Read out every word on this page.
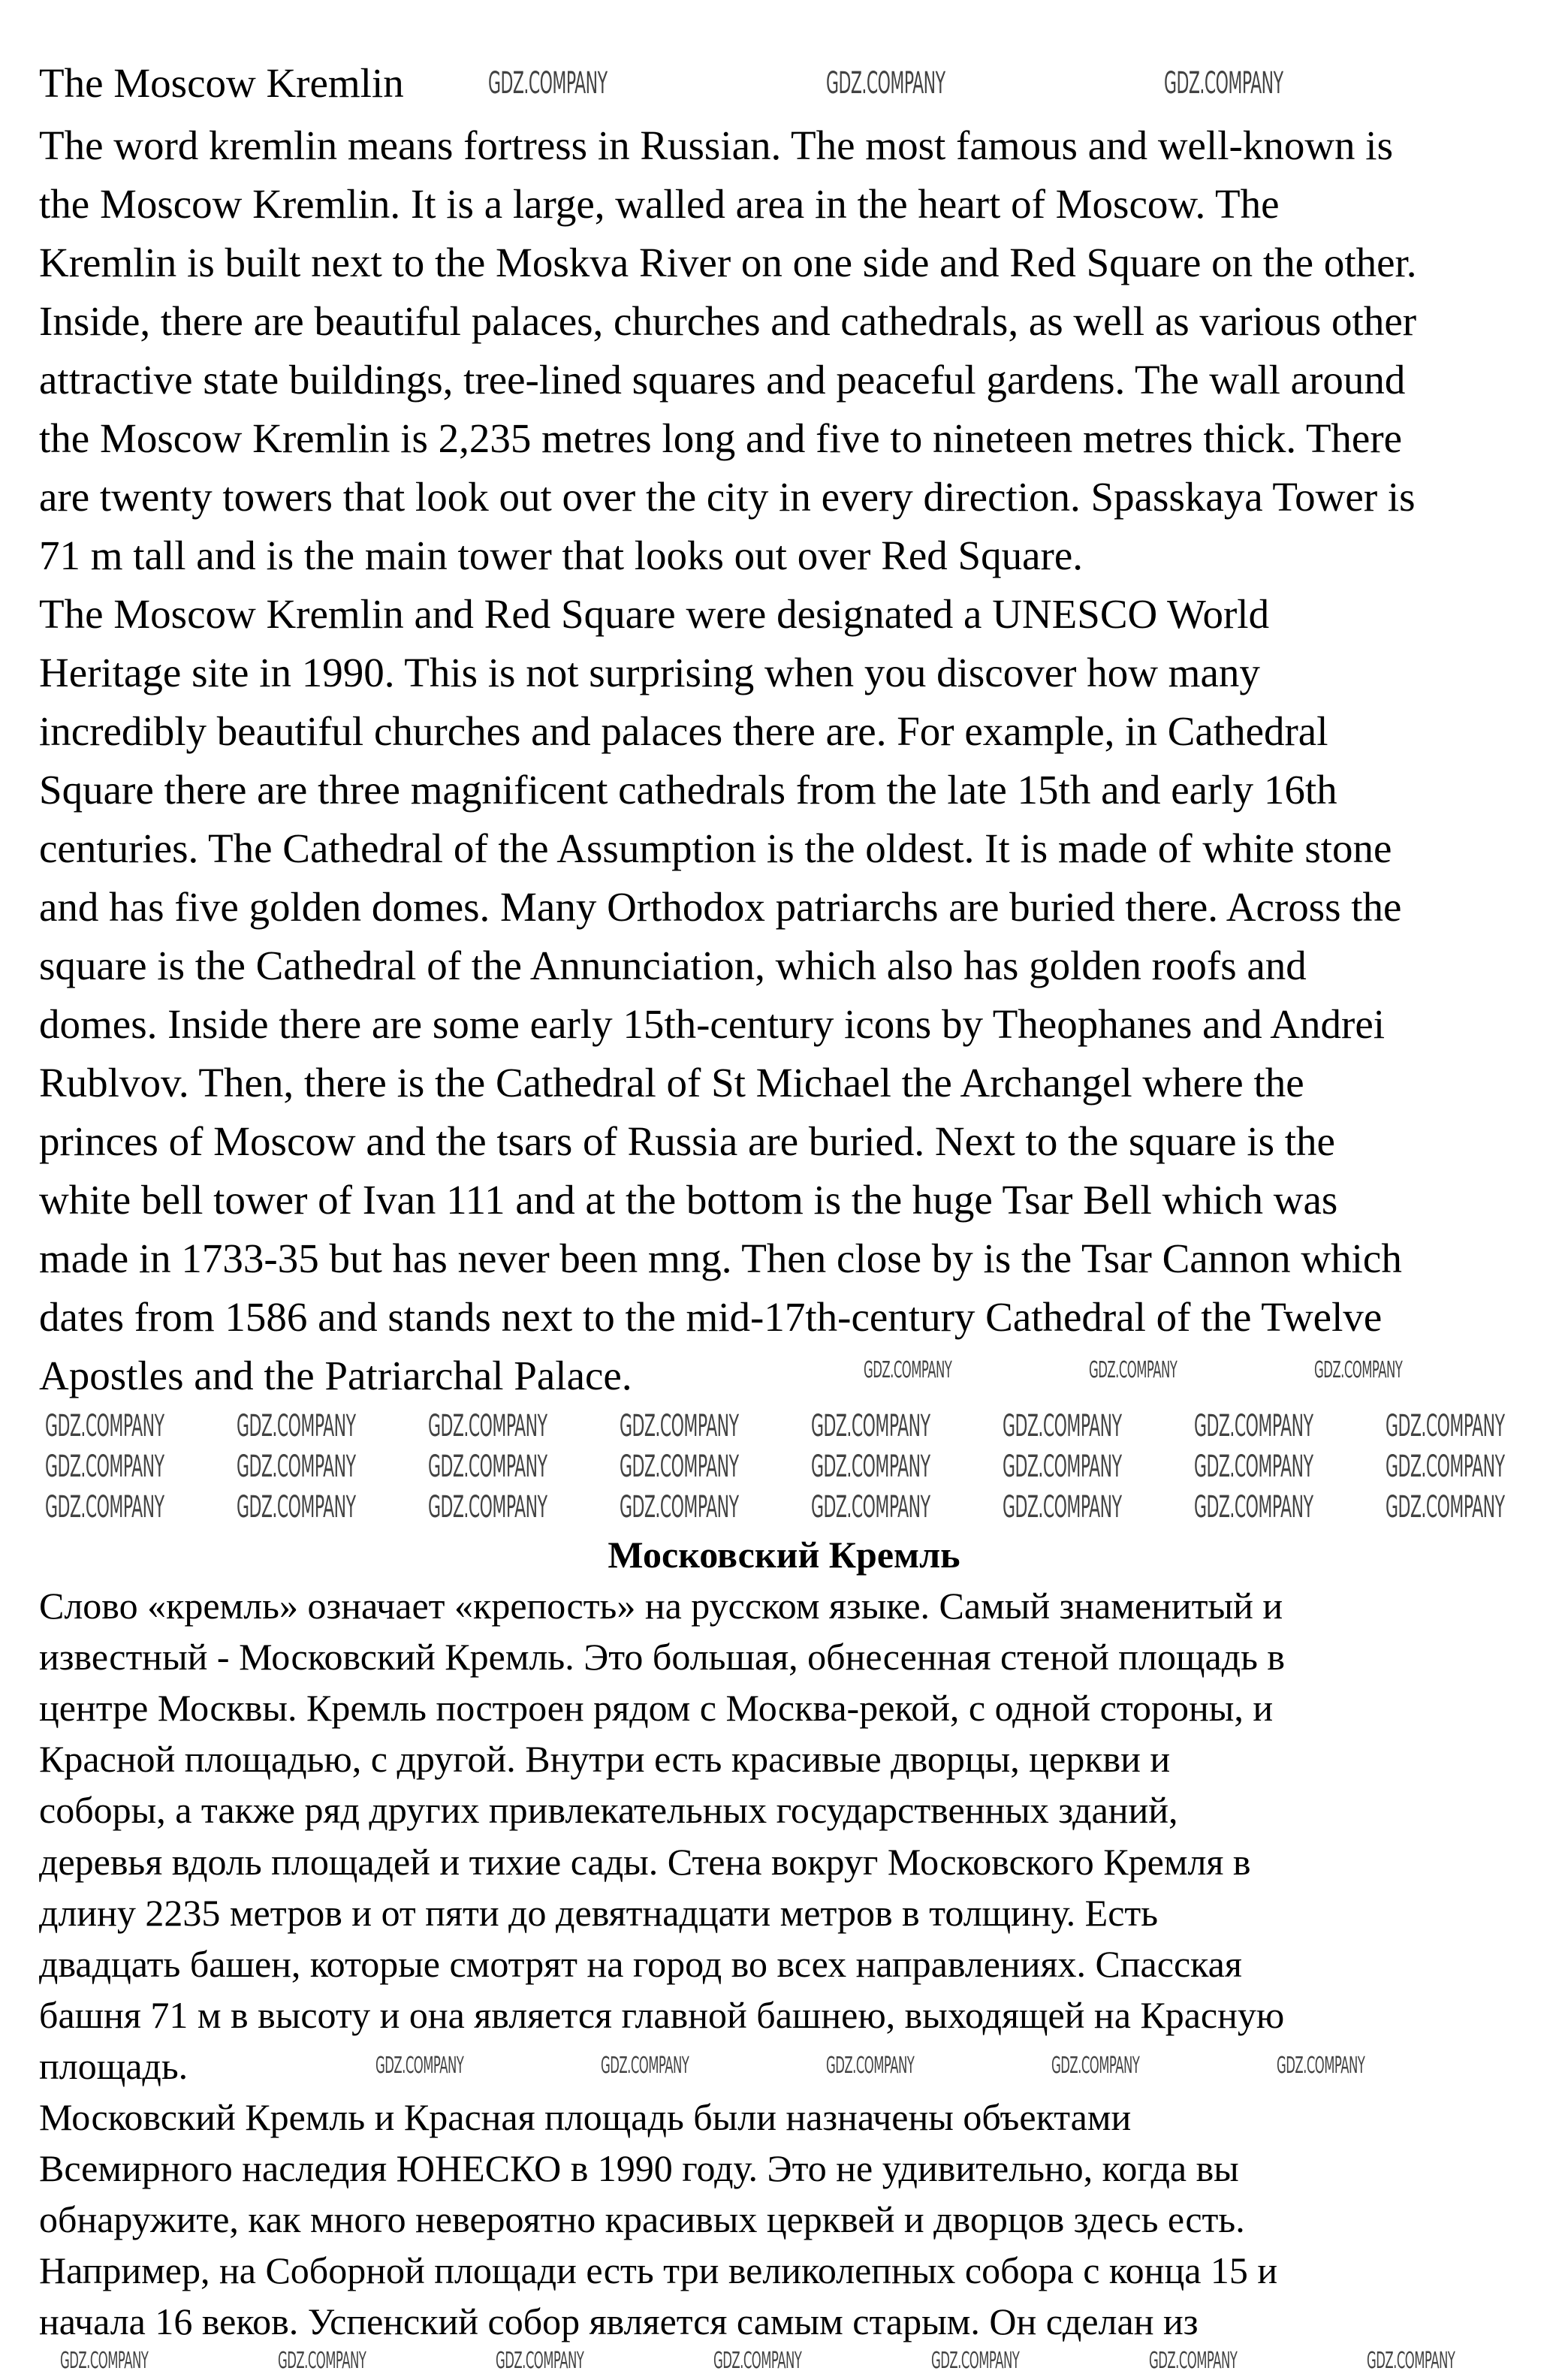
The Moscow Kremlin
The word kremlin means fortress in Russian. The most famous and well-known is
the Moscow Kremlin. It is a large, walled area in the heart of Moscow. The
Kremlin is built next to the Moskva River on one side and Red Square on the other.
Inside, there are beautiful palaces, churches and cathedrals, as well as various other
attractive state buildings, tree-lined squares and peaceful gardens. The wall around
the Moscow Kremlin is 2,235 metres long and five to nineteen metres thick. There
are twenty towers that look out over the city in every direction. Spasskaya Tower is
71 m tall and is the main tower that looks out over Red Square.
The Moscow Kremlin and Red Square were designated a UNESCO World
Heritage site in 1990. This is not surprising when you discover how many
incredibly beautiful churches and palaces there are. For example, in Cathedral
Square there are three magnificent cathedrals from the late 15th and early 16th
centuries. The Cathedral of the Assumption is the oldest. It is made of white stone
and has five golden domes. Many Orthodox patriarchs are buried there. Across the
square is the Cathedral of the Annunciation, which also has golden roofs and
domes. Inside there are some early 15th-century icons by Theophanes and Andrei
Rublvov. Then, there is the Cathedral of St Michael the Archangel where the
princes of Moscow and the tsars of Russia are buried. Next to the square is the
white bell tower of Ivan 111 and at the bottom is the huge Tsar Bell which was
made in 1733-35 but has never been mng. Then close by is the Tsar Cannon which
dates from 1586 and stands next to the mid-17th-century Cathedral of the Twelve
Apostles and the Patriarchal Palace.
Московский Кремль
Слово «кремль» означает «крепость» на русском языке. Самый знаменитый и
известный - Московский Кремль. Это большая, обнесенная стеной площадь в
центре Москвы. Кремль построен рядом с Москва-рекой, с одной стороны, и
Красной площадью, с другой. Внутри есть красивые дворцы, церкви и
соборы, а также ряд других привлекательных государственных зданий,
деревья вдоль площадей и тихие сады. Стена вокруг Московского Кремля в
длину 2235 метров и от пяти до девятнадцати метров в толщину. Есть
двадцать башен, которые смотрят на город во всех направлениях. Спасская
башня 71 м в высоту и она является главной башнею, выходящей на Красную
площадь.
Московский Кремль и Красная площадь были назначены объектами
Всемирного наследия ЮНЕСКО в 1990 году. Это не удивительно, когда вы
обнаружите, как много невероятно красивых церквей и дворцов здесь есть.
Например, на Соборной площади есть три великолепных собора с конца 15 и
начала 16 веков. Успенский собор является самым старым. Он сделан из
GDZ.COMPANY	GDZ.COMPANY	GDZ.COMPANY
GDZ.COMPANY	GDZ.COMPANY	GDZ.COMPANY
GDZ.COMPANY GDZ.COMPANY GDZ.COMPANY GDZ.COMPANY GDZ.COMPANY GDZ.COMPANY GDZ.COMPANY GDZ.COMPANY
GDZ.COMPANY GDZ.COMPANY GDZ.COMPANY GDZ.COMPANY GDZ.COMPANY GDZ.COMPANY GDZ.COMPANY GDZ.COMPANY
GDZ.COMPANY GDZ.COMPANY GDZ.COMPANY GDZ.COMPANY GDZ.COMPANY GDZ.COMPANY GDZ.COMPANY GDZ.COMPANY
GDZ.COMPANY	GDZ.COMPANY	GDZ.COMPANY	GDZ.COMPANY	GDZ.COMPANY
GDZ.COMPANY	GDZ.COMPANY	GDZ.COMPANY	GDZ.COMPANY	GDZ.COMPANY	GDZ.COMPANY	GDZ.COMPANY
